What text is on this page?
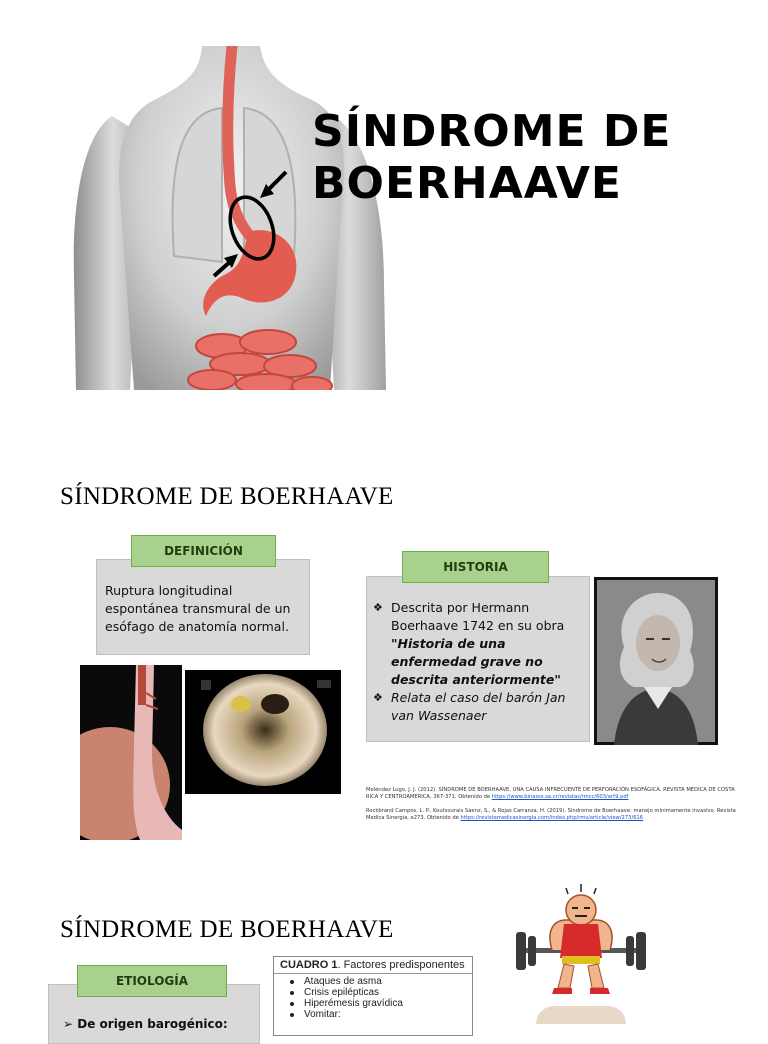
SÍNDROME DE
BOERHAAVE
SÍNDROME DE BOERHAAVE
Ruptura longitudinal espontánea transmural de un esófago de anatomía normal.
DEFINICIÓN
❖ Descrita por Hermann Boerhaave 1742 en su obra "Historia de una enfermedad grave no descrita anteriormente"
❖ Relata el caso del barón Jan van Wassenaer
HISTORIA

Meléndez Lugo, J. J. (2012). SÍNDROME DE BOERHAAVE. UNA CAUSA INFRECUENTE DE PERFORACIÓN ESOFÁGICA. REVISTA MEDICA DE COSTA RICA Y CENTROAMERICA, 367-371. Obtenido de https://www.binasss.sa.cr/revistas/rmcc/603/art9.pdf

Rockbrand Campos, L. P., Koutsourais Sáenz, S., & Rojas Carranza, H. (2019). Síndrome de Boerhaave: manejo mínimamente invasivo. Revista Medica Sinergia, e273. Obtenido de https://revistamedicasinergia.com/index.php/rms/article/view/273/616

SÍNDROME DE BOERHAAVE
➢ De origen barogénico:
ETIOLOGÍA
CUADRO 1. Factores predisponentes
Ataques de asma
Crisis epilépticas
Hiperémesis gravídica
Vomitar:
